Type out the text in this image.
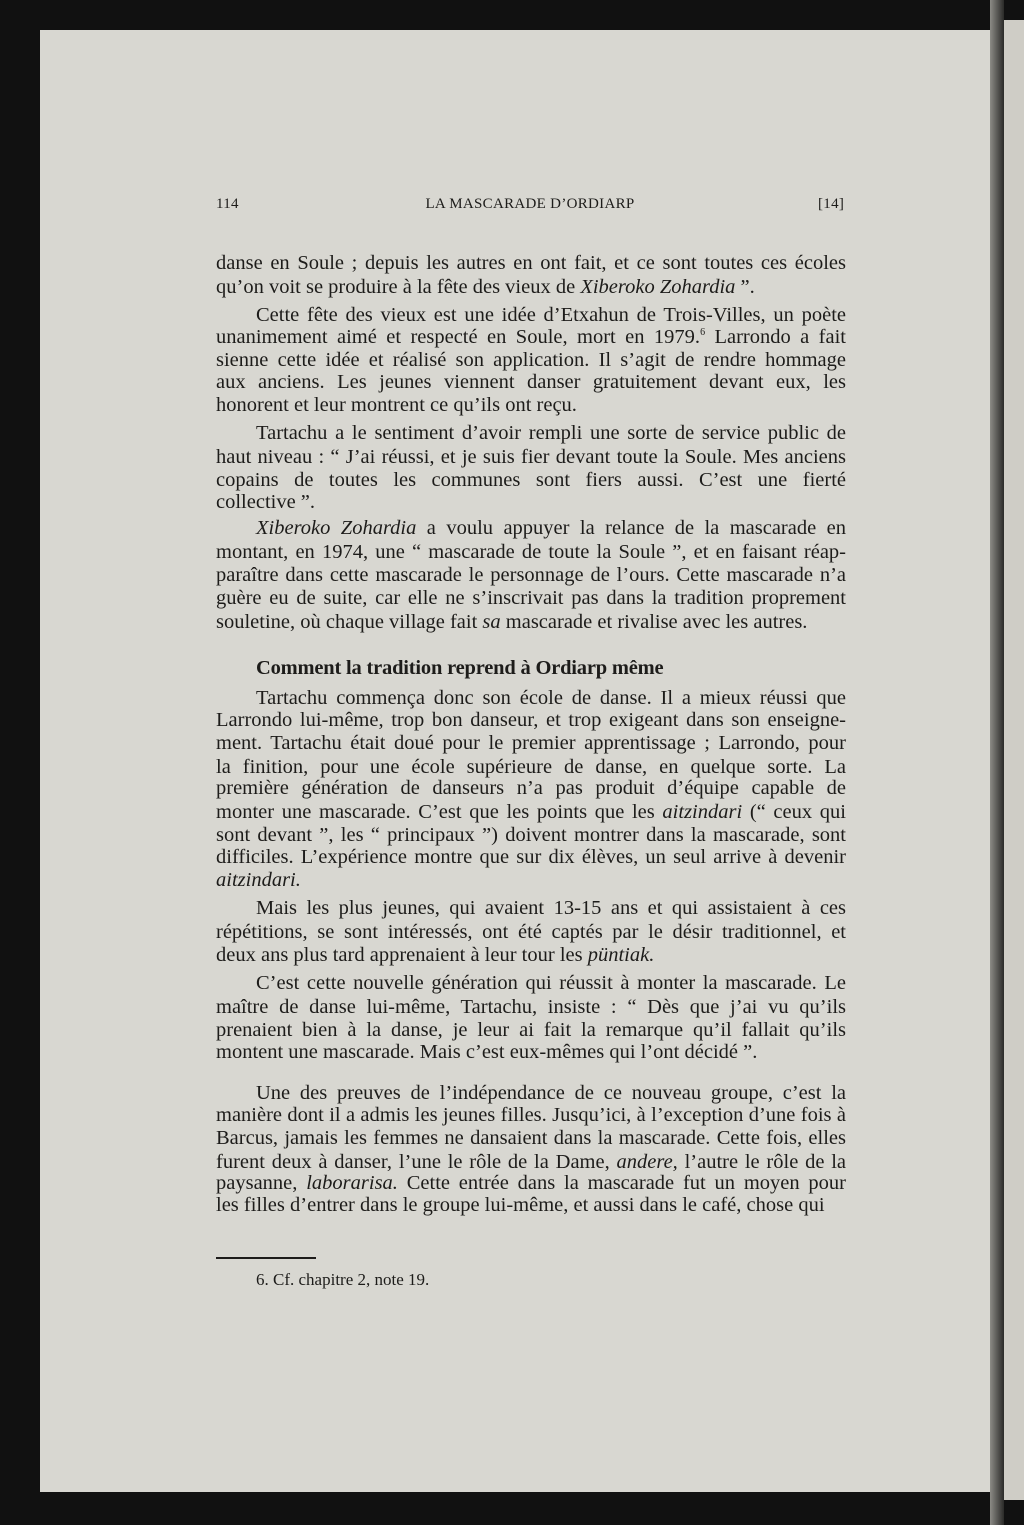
114	LA MASCARADE D’ORDIARP	[14]
Comment la tradition reprend à Ordiarp même
danse en Soule ; depuis les autres en ont fait, et ce sont toutes ces écoles
qu’on voit se produire à la fête des vieux de Xiberoko Zohardia ”.
Cette fête des vieux est une idée d’Etxahun de Trois-Villes, un poète
unanimement aimé et respecté en Soule, mort en 1979.$^6$ Larrondo a fait
sienne cette idée et réalisé son application. Il s’agit de rendre hommage
aux anciens. Les jeunes viennent danser gratuitement devant eux, les
honorent et leur montrent ce qu’ils ont reçu.
Tartachu a le sentiment d’avoir rempli une sorte de service public de
haut niveau : “ J’ai réussi, et je suis fier devant toute la Soule. Mes anciens
copains de toutes les communes sont fiers aussi. C’est une fierté
collective ”.
Xiberoko Zohardia a voulu appuyer la relance de la mascarade en
montant, en 1974, une “ mascarade de toute la Soule ”, et en faisant réap-
paraître dans cette mascarade le personnage de l’ours. Cette mascarade n’a
guère eu de suite, car elle ne s’inscrivait pas dans la tradition proprement
souletine, où chaque village fait sa mascarade et rivalise avec les autres.
Tartachu commença donc son école de danse. Il a mieux réussi que
Larrondo lui-même, trop bon danseur, et trop exigeant dans son enseigne-
ment. Tartachu était doué pour le premier apprentissage ; Larrondo, pour
la finition, pour une école supérieure de danse, en quelque sorte. La
première génération de danseurs n’a pas produit d’équipe capable de
monter une mascarade. C’est que les points que les aitzindari (“ ceux qui
sont devant ”, les “ principaux ”) doivent montrer dans la mascarade, sont
difficiles. L’expérience montre que sur dix élèves, un seul arrive à devenir
aitzindari.
Mais les plus jeunes, qui avaient 13-15 ans et qui assistaient à ces
répétitions, se sont intéressés, ont été captés par le désir traditionnel, et
deux ans plus tard apprenaient à leur tour les püntiak.
C’est cette nouvelle génération qui réussit à monter la mascarade. Le
maître de danse lui-même, Tartachu, insiste : “ Dès que j’ai vu qu’ils
prenaient bien à la danse, je leur ai fait la remarque qu’il fallait qu’ils
montent une mascarade. Mais c’est eux-mêmes qui l’ont décidé ”.
Une des preuves de l’indépendance de ce nouveau groupe, c’est la
manière dont il a admis les jeunes filles. Jusqu’ici, à l’exception d’une fois à
Barcus, jamais les femmes ne dansaient dans la mascarade. Cette fois, elles
furent deux à danser, l’une le rôle de la Dame, andere, l’autre le rôle de la
paysanne, laborarisa. Cette entrée dans la mascarade fut un moyen pour
les filles d’entrer dans le groupe lui-même, et aussi dans le café, chose qui
6. Cf. chapitre 2, note 19.
